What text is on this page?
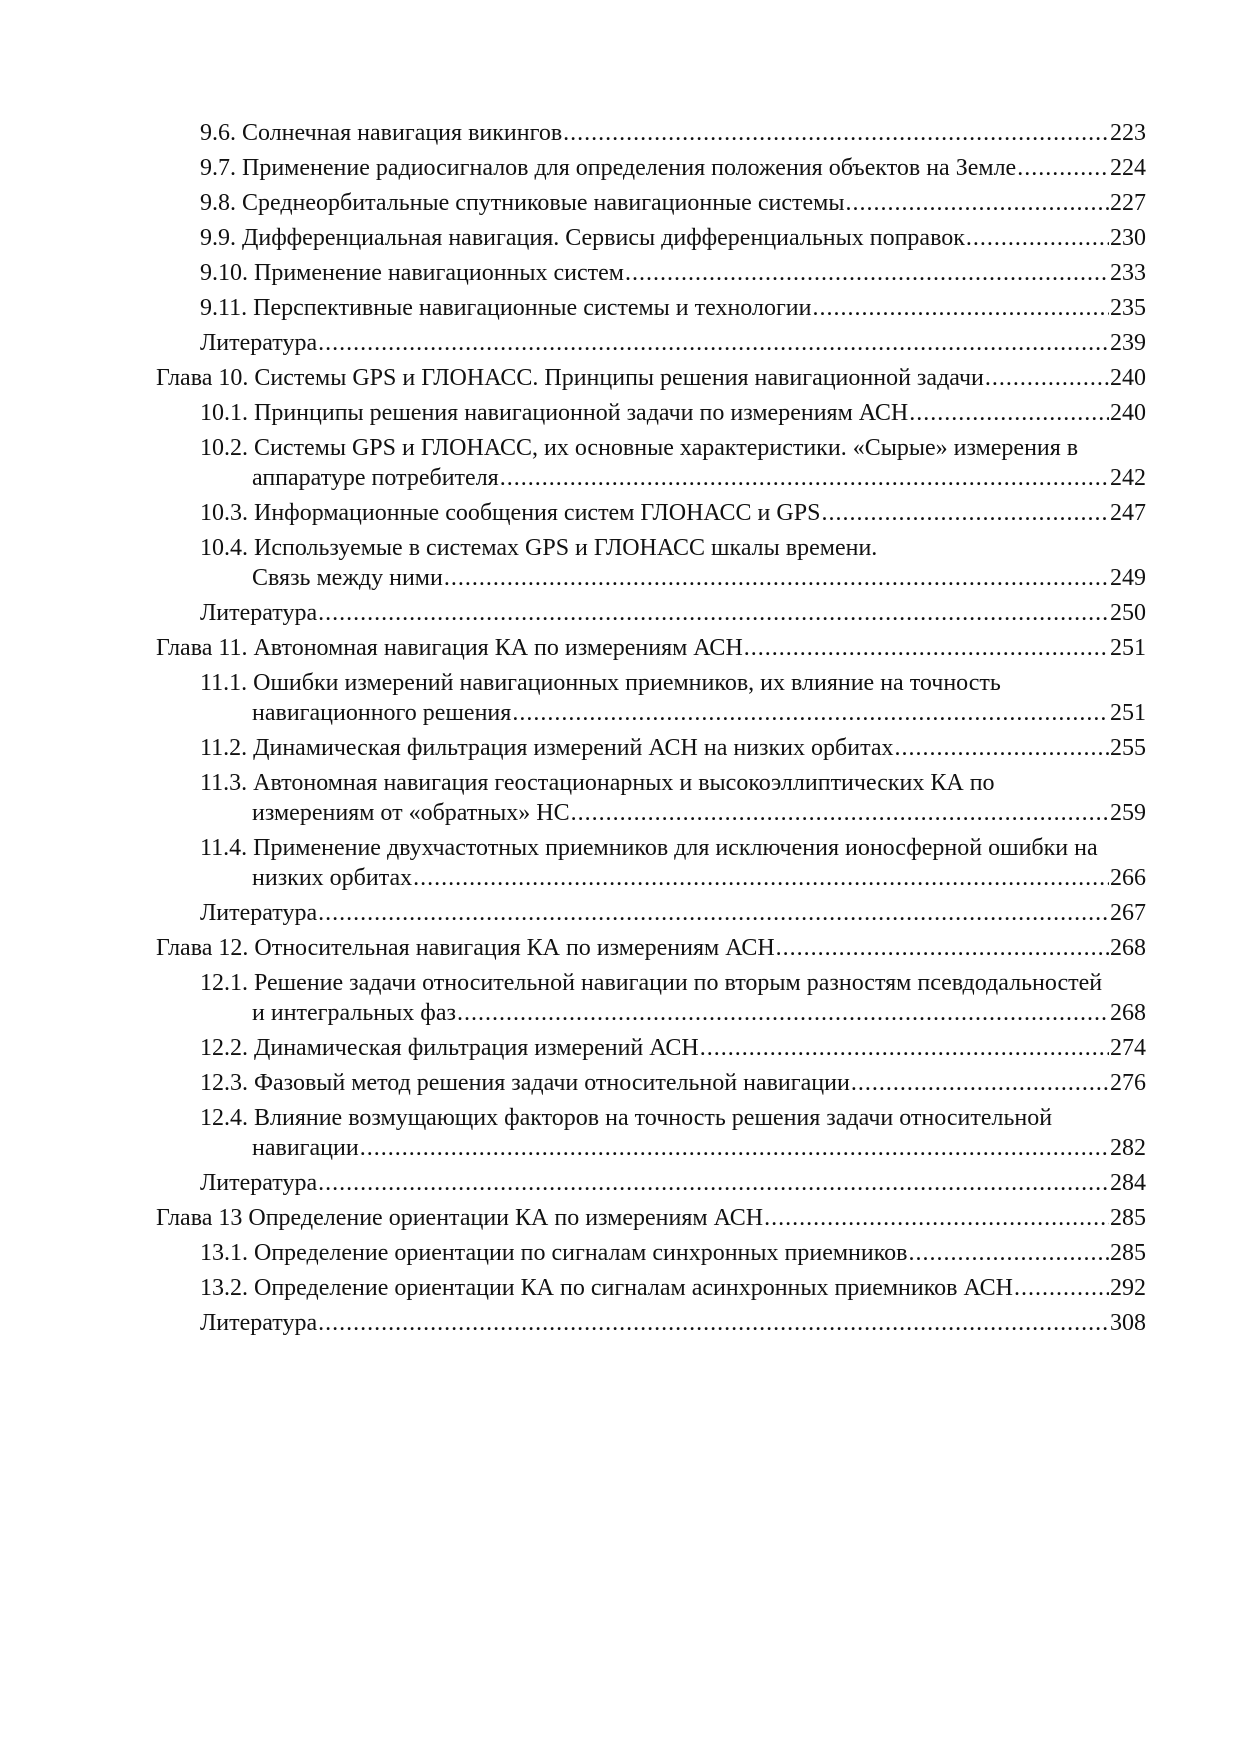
9.6. Солнечная навигация викингов .....	223
9.7. Применение радиосигналов для определения положения объектов на Земле .....	224
9.8. Среднеорбитальные спутниковые навигационные системы .....	227
9.9. Дифференциальная навигация. Сервисы дифференциальных поправок .....	230
9.10. Применение навигационных систем .....	233
9.11. Перспективные навигационные системы и технологии .....	235
Литература .....	239
Глава 10. Системы GPS и ГЛОНАСС. Принципы решения навигационной задачи .....	240
10.1. Принципы решения навигационной задачи по измерениям АСН .....	240
10.2. Системы GPS и ГЛОНАСС, их основные характеристики. «Сырые» измерения в
аппаратуре потребителя .....	242
10.3. Информационные сообщения систем ГЛОНАСС и GPS .....	247
10.4. Используемые в системах GPS и ГЛОНАСС шкалы времени.
Связь между ними .....	249
Литература .....	250
Глава 11. Автономная навигация КА по измерениям АСН .....	251
11.1. Ошибки измерений навигационных приемников, их влияние на точность
навигационного решения .....	251
11.2. Динамическая фильтрация измерений АСН на низких орбитах .....	255
11.3. Автономная навигация геостационарных и высокоэллиптических КА по
измерениям от «обратных» НС .....	259
11.4. Применение двухчастотных приемников для исключения ионосферной ошибки на
низких орбитах .....	266
Литература .....	267
Глава 12. Относительная навигация КА по измерениям АСН .....	268
12.1. Решение задачи относительной навигации по вторым разностям псевдодальностей
и интегральных фаз .....	268
12.2. Динамическая фильтрация измерений АСН .....	274
12.3. Фазовый метод решения задачи относительной навигации .....	276
12.4. Влияние возмущающих факторов на точность решения задачи относительной
навигации .....	282
Литература .....	284
Глава 13 Определение ориентации КА по измерениям АСН .....	285
13.1. Определение ориентации по сигналам синхронных приемников .....	285
13.2. Определение ориентации КА по сигналам асинхронных приемников АСН .....	292
Литература .....	308
